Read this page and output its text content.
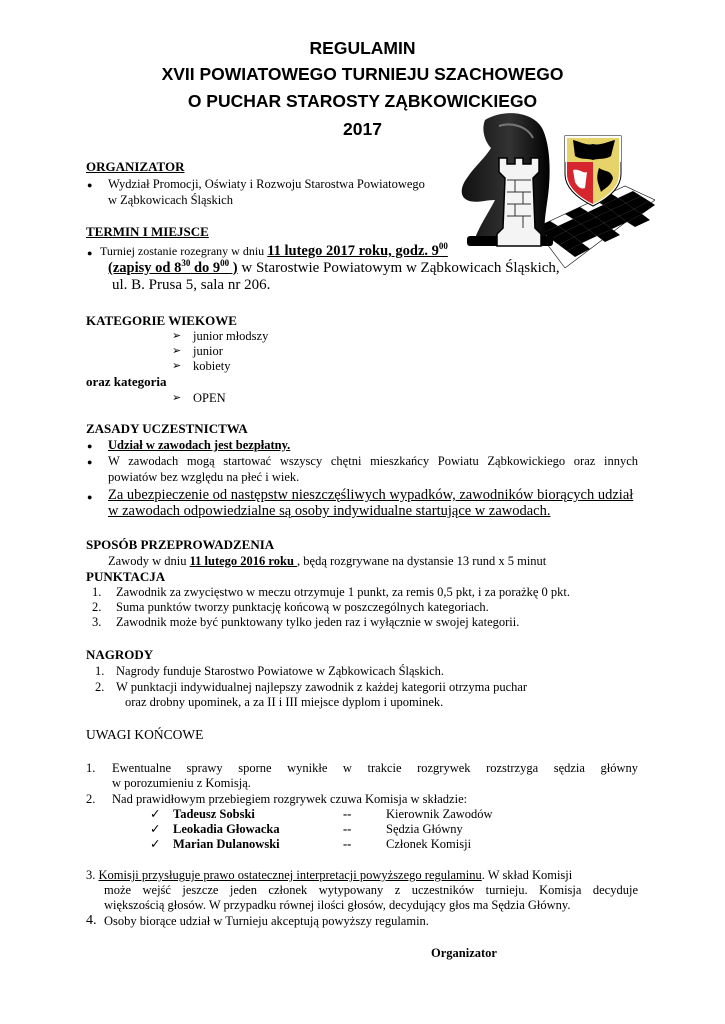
REGULAMIN
XVII POWIATOWEGO TURNIEJU SZACHOWEGO
O PUCHAR STAROSTY ZĄBKOWICKIEGO
2017
ORGANIZATOR
● Wydział Promocji, Oświaty i Rozwoju Starostwa Powiatowego
w Ząbkowicach Śląskich
TERMIN I MIEJSCE
● Turniej zostanie rozegrany w dniu 11 lutego 2017 roku, godz. $9^{00}$
(zapisy od $8^{30}$ do $9^{00}$ ) w Starostwie Powiatowym w Ząbkowicach Śląskich,
ul. B. Prusa 5, sala nr 206.
KATEGORIE WIEKOWE
➢ junior młodszy
➢ junior
➢ kobiety
oraz kategoria
➢ OPEN
ZASADY UCZESTNICTWA
● Udział w zawodach jest bezpłatny.
● W zawodach mogą startować wszyscy chętni mieszkańcy Powiatu Ząbkowickiego oraz innych
powiatów bez względu na płeć i wiek.
● Za ubezpieczenie od następstw nieszczęśliwych wypadków, zawodników biorących udział
w zawodach odpowiedzialne są osoby indywidualne startujące w zawodach.
SPOSÓB PRZEPROWADZENIA
Zawody w dniu 11 lutego 2016 roku , będą rozgrywane na dystansie 13 rund x 5 minut
PUNKTACJA
1. Zawodnik za zwycięstwo w meczu otrzymuje 1 punkt, za remis 0,5 pkt, i za porażkę 0 pkt.
2. Suma punktów tworzy punktację końcową w poszczególnych kategoriach.
3. Zawodnik może być punktowany tylko jeden raz i wyłącznie w swojej kategorii.
NAGRODY
1. Nagrody funduje Starostwo Powiatowe w Ząbkowicach Śląskich.
2. W punktacji indywidualnej najlepszy zawodnik z każdej kategorii otrzyma puchar
oraz drobny upominek, a za II i III miejsce dyplom i upominek.
UWAGI KOŃCOWE
1. Ewentualne sprawy sporne wynikłe w trakcie rozgrywek rozstrzyga sędzia główny
w porozumieniu z Komisją.
2. Nad prawidłowym przebiegiem rozgrywek czuwa Komisja w składzie:
✓ Tadeusz Sobski	--	Kierownik Zawodów
✓ Leokadia Głowacka	--	Sędzia Główny
✓ Marian Dulanowski	--	Członek Komisji
3. Komisji przysługuje prawo ostatecznej interpretacji powyższego regulaminu. W skład Komisji
może wejść jeszcze jeden członek wytypowany z uczestników turnieju. Komisja decyduje
większością głosów. W przypadku równej ilości głosów, decydujący głos ma Sędzia Główny.
4. Osoby biorące udział w Turnieju akceptują powyższy regulamin.
Organizator
